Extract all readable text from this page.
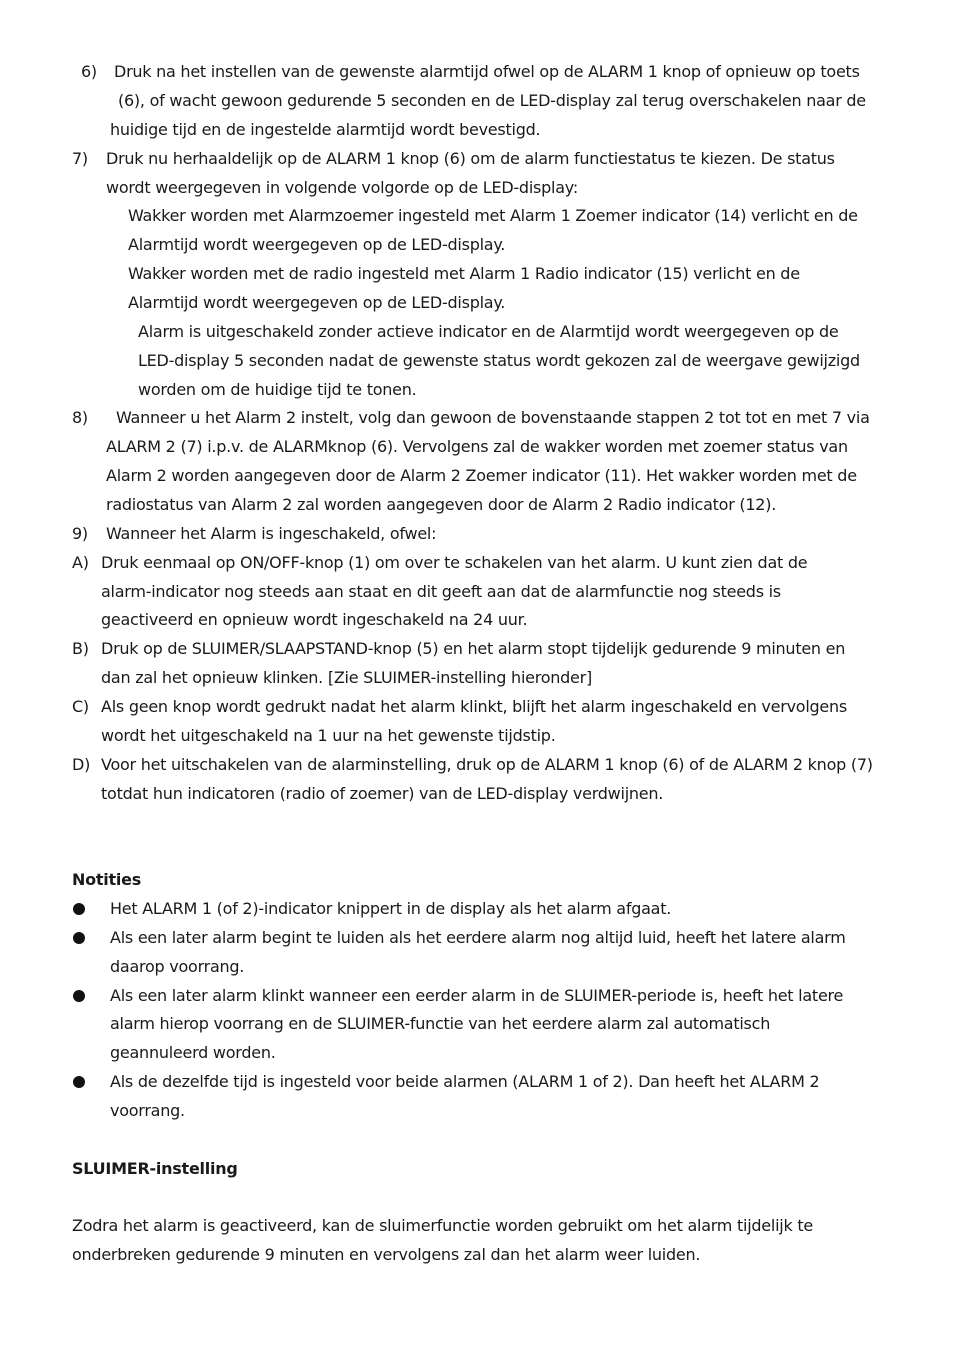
6) Druk na het instellen van de gewenste alarmtijd ofwel op de ALARM 1 knop of opnieuw op toets
(6), of wacht gewoon gedurende 5 seconden en de LED-display zal terug overschakelen naar de
huidige tijd en de ingestelde alarmtijd wordt bevestigd.
7) Druk nu herhaaldelijk op de ALARM 1 knop (6) om de alarm functiestatus te kiezen. De status
wordt weergegeven in volgende volgorde op de LED-display:
Wakker worden met Alarmzoemer ingesteld met Alarm 1 Zoemer indicator (14) verlicht en de
Alarmtijd wordt weergegeven op de LED-display.
Wakker worden met de radio ingesteld met Alarm 1 Radio indicator (15) verlicht en de
Alarmtijd wordt weergegeven op de LED-display.
Alarm is uitgeschakeld zonder actieve indicator en de Alarmtijd wordt weergegeven op de
LED-display 5 seconden nadat de gewenste status wordt gekozen zal de weergave gewijzigd
worden om de huidige tijd te tonen.
8) Wanneer u het Alarm 2 instelt, volg dan gewoon de bovenstaande stappen 2 tot tot en met 7 via
ALARM 2 (7) i.p.v. de ALARMknop (6). Vervolgens zal de wakker worden met zoemer status van
Alarm 2 worden aangegeven door de Alarm 2 Zoemer indicator (11). Het wakker worden met de
radiostatus van Alarm 2 zal worden aangegeven door de Alarm 2 Radio indicator (12).
9) Wanneer het Alarm is ingeschakeld, ofwel:
A) Druk eenmaal op ON/OFF-knop (1) om over te schakelen van het alarm. U kunt zien dat de
alarm-indicator nog steeds aan staat en dit geeft aan dat de alarmfunctie nog steeds is
geactiveerd en opnieuw wordt ingeschakeld na 24 uur.
B) Druk op de SLUIMER/SLAAPSTAND-knop (5) en het alarm stopt tijdelijk gedurende 9 minuten en
dan zal het opnieuw klinken. [Zie SLUIMER-instelling hieronder]
C) Als geen knop wordt gedrukt nadat het alarm klinkt, blijft het alarm ingeschakeld en vervolgens
wordt het uitgeschakeld na 1 uur na het gewenste tijdstip.
D) Voor het uitschakelen van de alarminstelling, druk op de ALARM 1 knop (6) of de ALARM 2 knop (7)
totdat hun indicatoren (radio of zoemer) van de LED-display verdwijnen.
Notities
Het ALARM 1 (of 2)-indicator knippert in de display als het alarm afgaat.
Als een later alarm begint te luiden als het eerdere alarm nog altijd luid, heeft het latere alarm
daarop voorrang.
Als een later alarm klinkt wanneer een eerder alarm in de SLUIMER-periode is, heeft het latere
alarm hierop voorrang en de SLUIMER-functie van het eerdere alarm zal automatisch
geannuleerd worden.
Als de dezelfde tijd is ingesteld voor beide alarmen (ALARM 1 of 2). Dan heeft het ALARM 2
voorrang.
SLUIMER-instelling
Zodra het alarm is geactiveerd, kan de sluimerfunctie worden gebruikt om het alarm tijdelijk te
onderbreken gedurende 9 minuten en vervolgens zal dan het alarm weer luiden.
